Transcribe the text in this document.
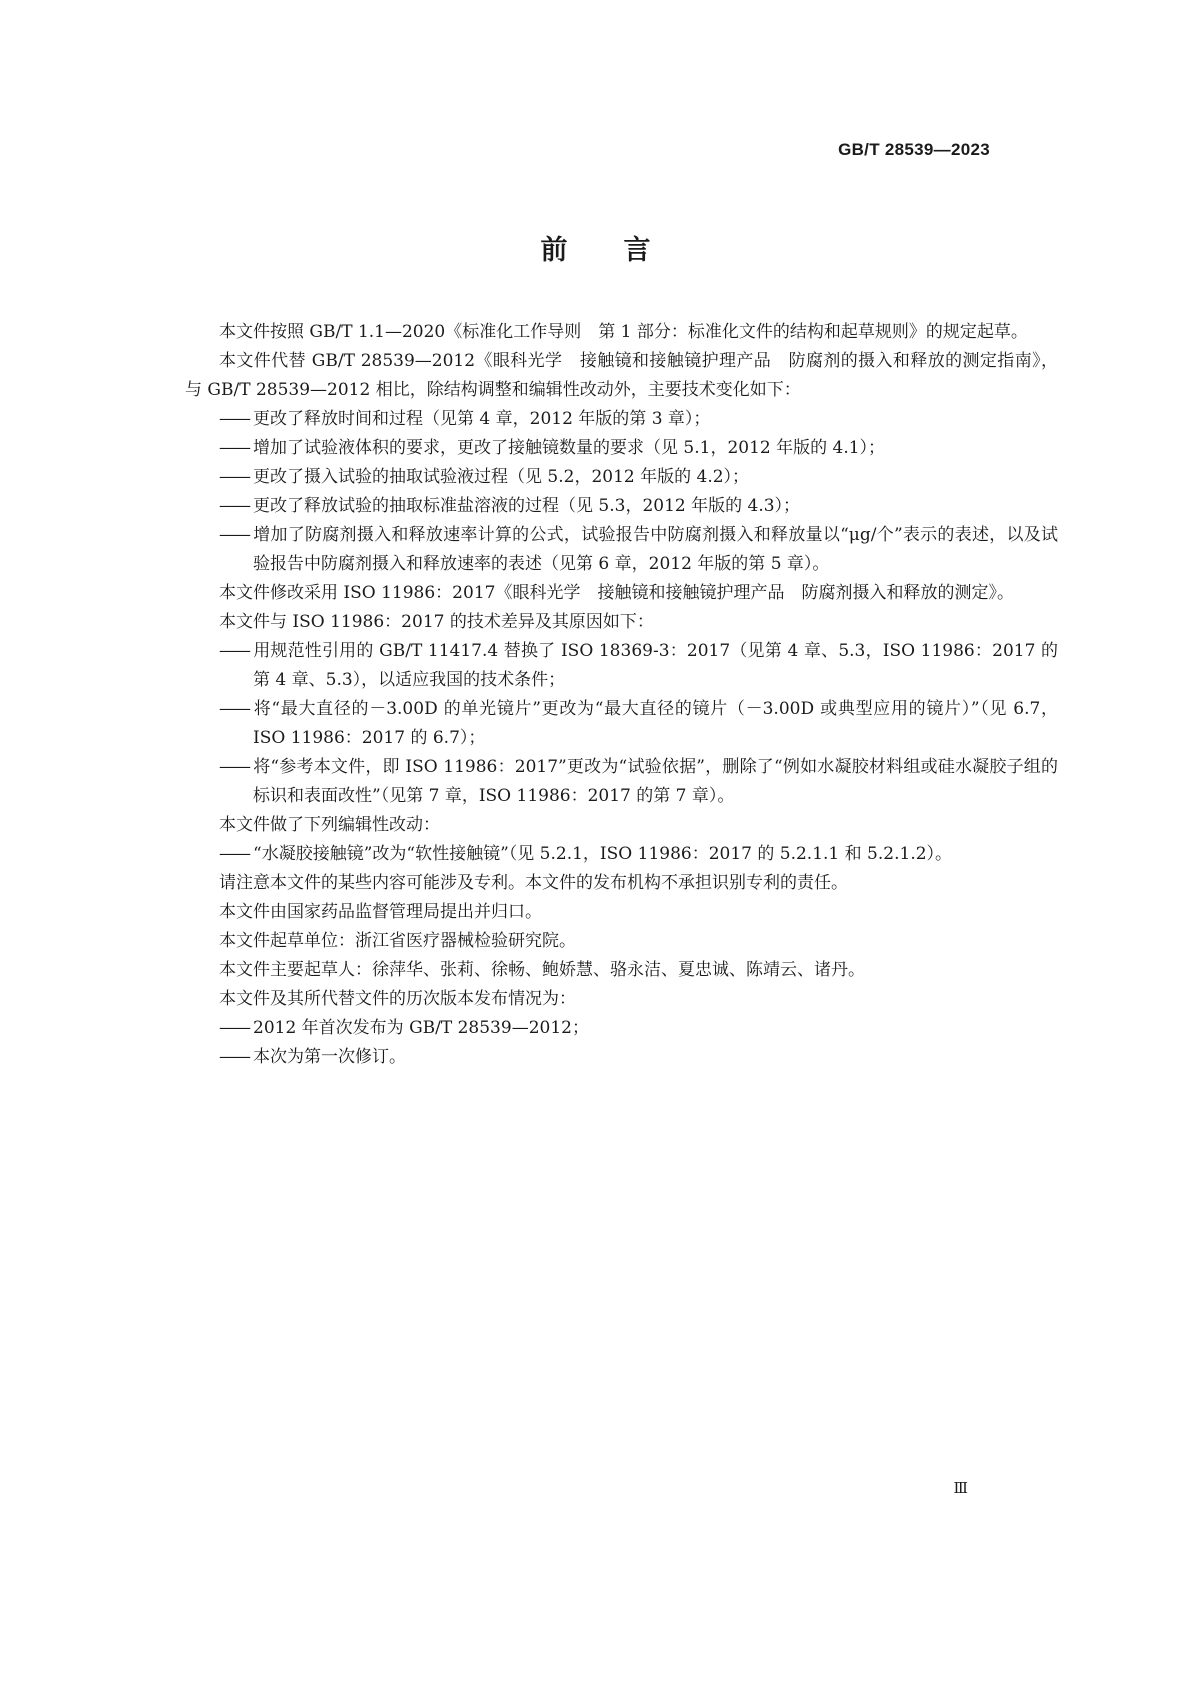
GB/T 28539—2023
前言

本文件按照 GB/T 1.1—2020《标准化工作导则　第 1 部分：标准化文件的结构和起草规则》的规定起草。

本文件代替 GB/T 28539—2012《眼科光学　接触镜和接触镜护理产品　防腐剂的摄入和释放的测定指南》，与 GB/T 28539—2012 相比，除结构调整和编辑性改动外，主要技术变化如下：

—— 更改了释放时间和过程（见第 4 章，2012 年版的第 3 章）；

—— 增加了试验液体积的要求，更改了接触镜数量的要求（见 5.1，2012 年版的 4.1）；

—— 更改了摄入试验的抽取试验液过程（见 5.2，2012 年版的 4.2）；

—— 更改了释放试验的抽取标准盐溶液的过程（见 5.3，2012 年版的 4.3）；

—— 增加了防腐剂摄入和释放速率计算的公式，试验报告中防腐剂摄入和释放量以“μg/个”表示的表述，以及试验报告中防腐剂摄入和释放速率的表述（见第 6 章，2012 年版的第 5 章）。

本文件修改采用 ISO 11986：2017《眼科光学　接触镜和接触镜护理产品　防腐剂摄入和释放的测定》。

本文件与 ISO 11986：2017 的技术差异及其原因如下：

—— 用规范性引用的 GB/T 11417.4 替换了 ISO 18369-3：2017（见第 4 章、5.3，ISO 11986：2017 的第 4 章、5.3），以适应我国的技术条件；

—— 将“最大直径的－3.00D 的单光镜片”更改为“最大直径的镜片（－3.00D 或典型应用的镜片）”（见 6.7，ISO 11986：2017 的 6.7）；

—— 将“参考本文件，即 ISO 11986：2017”更改为“试验依据”，删除了“例如水凝胶材料组或硅水凝胶子组的标识和表面改性”（见第 7 章，ISO 11986：2017 的第 7 章）。

本文件做了下列编辑性改动：

—— “水凝胶接触镜”改为“软性接触镜”（见 5.2.1，ISO 11986：2017 的 5.2.1.1 和 5.2.1.2）。

请注意本文件的某些内容可能涉及专利。本文件的发布机构不承担识别专利的责任。

本文件由国家药品监督管理局提出并归口。

本文件起草单位：浙江省医疗器械检验研究院。

本文件主要起草人：徐萍华、张莉、徐畅、鲍娇慧、骆永洁、夏忠诚、陈靖云、诸丹。

本文件及其所代替文件的历次版本发布情况为：

—— 2012 年首次发布为 GB/T 28539—2012；

—— 本次为第一次修订。

Ⅲ
